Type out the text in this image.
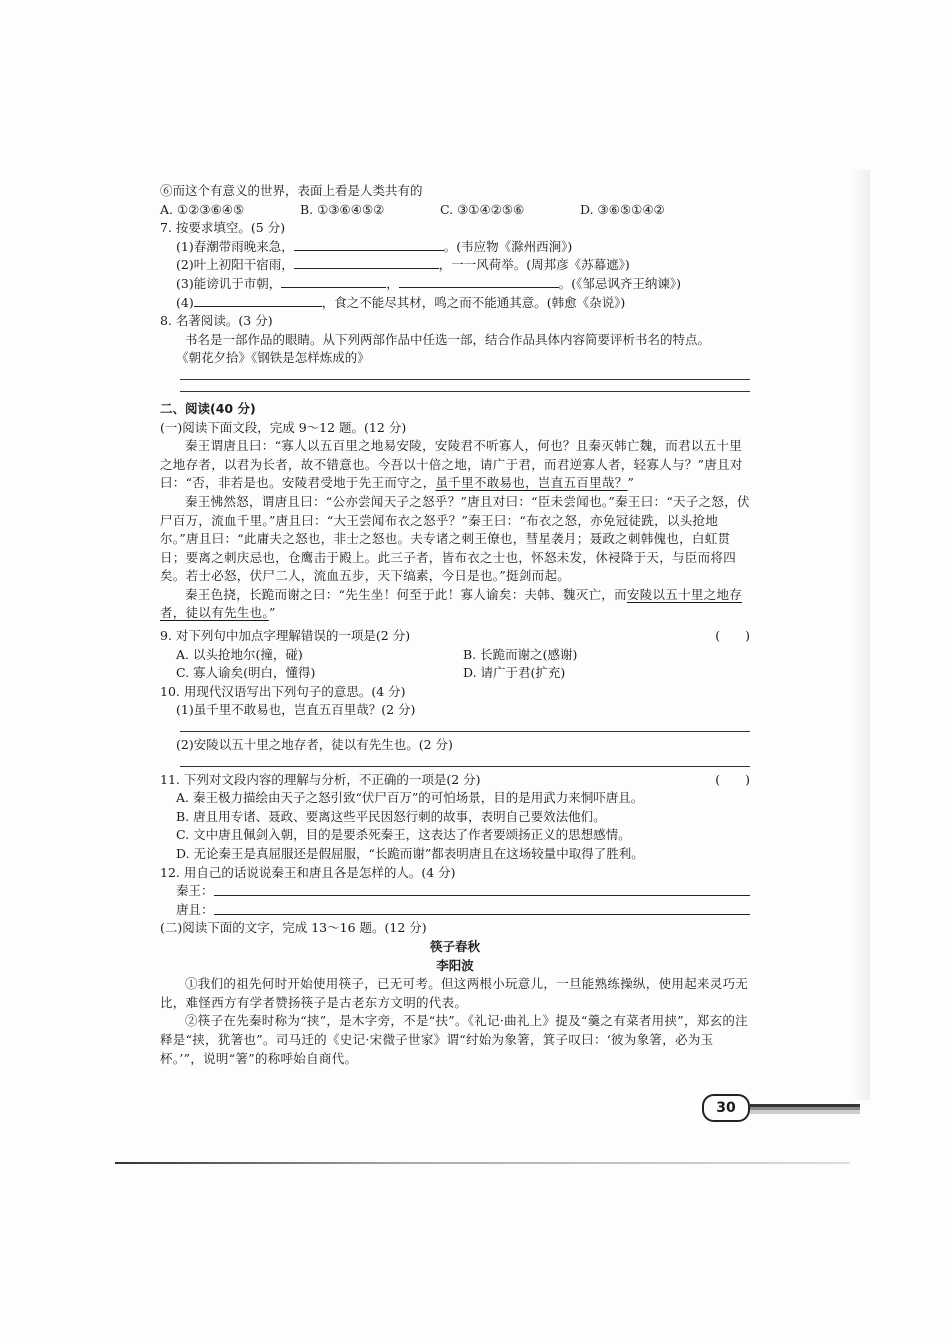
⑥而这个有意义的世界，表面上看是人类共有的
A. ①②③⑥④⑤	B. ①③⑥④⑤②	C. ③①④②⑤⑥	D. ③⑥⑤①④②
7. 按要求填空。(5 分)
(1)春潮带雨晚来急，	。(韦应物《滁州西涧》)
(2)叶上初阳干宿雨，	，一一风荷举。(周邦彦《苏幕遮》)
(3)能谤讥于市朝，	，	。(《邹忌讽齐王纳谏》)
(4)	，食之不能尽其材，鸣之而不能通其意。(韩愈《杂说》)
8. 名著阅读。(3 分)
书名是一部作品的眼睛。从下列两部作品中任选一部，结合作品具体内容简要评析书名的特点。
《朝花夕拾》《钢铁是怎样炼成的》
二、阅读(40 分)
(一)阅读下面文段，完成 9～12 题。(12 分)
秦王谓唐且曰：“寡人以五百里之地易安陵，安陵君不听寡人，何也？且秦灭韩亡魏，而君以五十里之地存者，以君为长者，故不错意也。今吾以十倍之地，请广于君，而君逆寡人者，轻寡人与？”唐且对曰：“否，非若是也。安陵君受地于先王而守之，虽千里不敢易也，岂直五百里哉？”
秦王怫然怒，谓唐且曰：“公亦尝闻天子之怒乎？”唐且对曰：“臣未尝闻也。”秦王曰：“天子之怒，伏尸百万，流血千里。”唐且曰：“大王尝闻布衣之怒乎？”秦王曰：“布衣之怒，亦免冠徒跣，以头抢地尔。”唐且曰：“此庸夫之怒也，非士之怒也。夫专诸之刺王僚也，彗星袭月；聂政之刺韩傀也，白虹贯日；要离之刺庆忌也，仓鹰击于殿上。此三子者，皆布衣之士也，怀怒未发，休祲降于天，与臣而将四矣。若士必怒，伏尸二人，流血五步，天下缟素，今日是也。”挺剑而起。
秦王色挠，长跪而谢之曰：“先生坐！何至于此！寡人谕矣：夫韩、魏灭亡，而安陵以五十里之地存者，徒以有先生也。”
9. 对下列句中加点字理解错误的一项是(2 分)	(　　)
A. 以头抢地尔(撞，碰)	B. 长跪而谢之(感谢)
C. 寡人谕矣(明白，懂得)	D. 请广于君(扩充)
10. 用现代汉语写出下列句子的意思。(4 分)
(1)虽千里不敢易也，岂直五百里哉？(2 分)
(2)安陵以五十里之地存者，徒以有先生也。(2 分)
11. 下列对文段内容的理解与分析，不正确的一项是(2 分)	(　　)
A. 秦王极力描绘由天子之怒引致“伏尸百万”的可怕场景，目的是用武力来恫吓唐且。
B. 唐且用专诸、聂政、要离这些平民因怒行刺的故事，表明自己要效法他们。
C. 文中唐且佩剑入朝，目的是要杀死秦王，这表达了作者要颂扬正义的思想感情。
D. 无论秦王是真屈服还是假屈服，“长跪而谢”都表明唐且在这场较量中取得了胜利。
12. 用自己的话说说秦王和唐且各是怎样的人。(4 分)
秦王：
唐且：
(二)阅读下面的文字，完成 13～16 题。(12 分)
筷子春秋
李阳波
①我们的祖先何时开始使用筷子，已无可考。但这两根小玩意儿，一旦能熟练操纵，使用起来灵巧无比，难怪西方有学者赞扬筷子是古老东方文明的代表。
②筷子在先秦时称为“挟”，是木字旁，不是“扶”。《礼记·曲礼上》提及“羹之有菜者用挟”，郑玄的注释是“挟，犹箸也”。司马迁的《史记·宋微子世家》谓“纣始为象箸，箕子叹曰：‘彼为象箸，必为玉杯。’”，说明“箸”的称呼始自商代。
30
